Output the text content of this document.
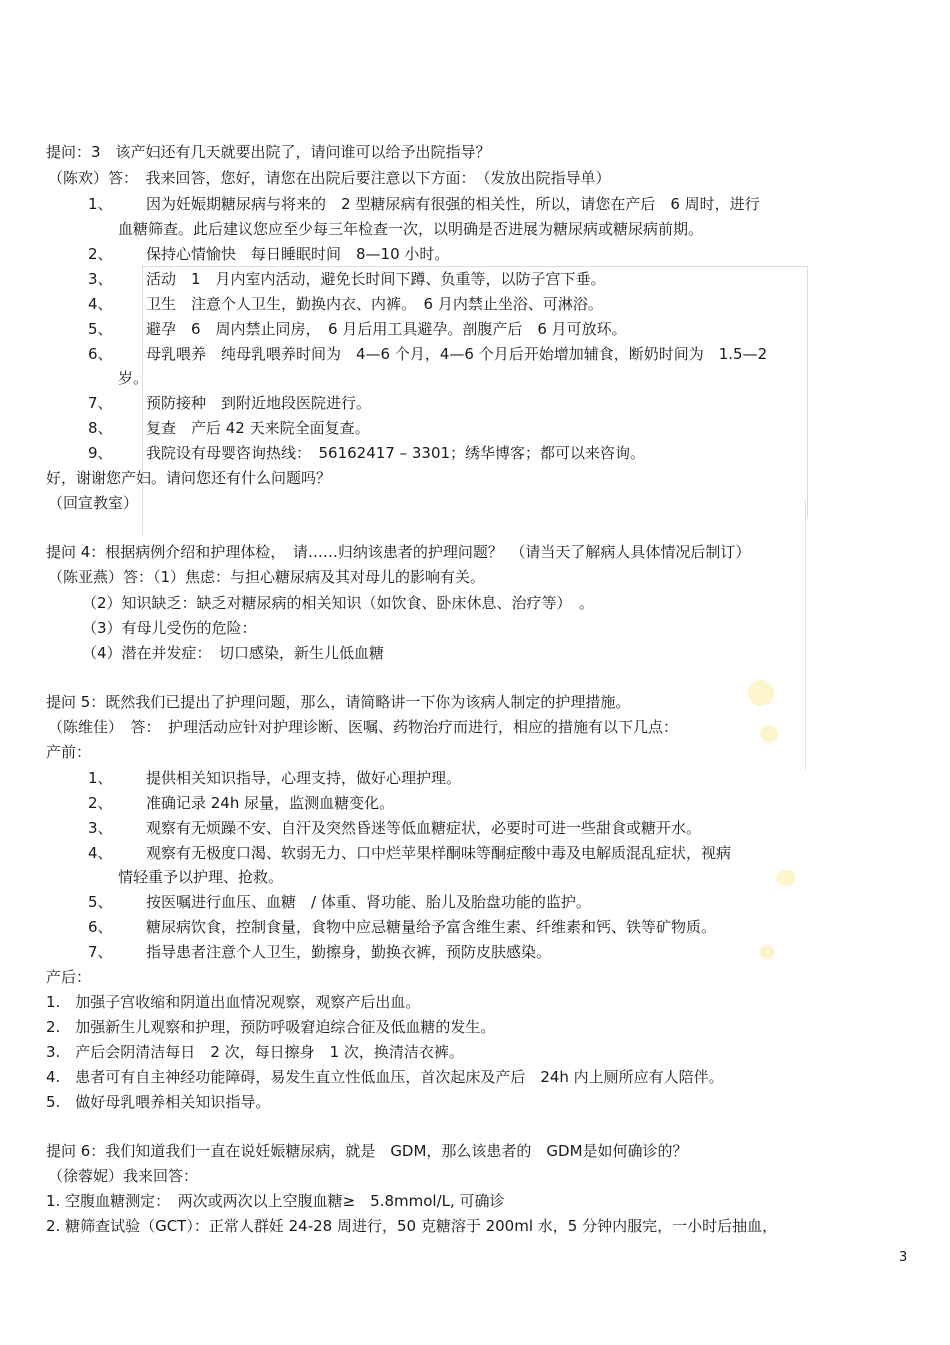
提问：3　该产妇还有几天就要出院了，请问谁可以给予出院指导？
（陈欢）答：　我来回答，您好，请您在出院后要注意以下方面：　（发放出院指导单）
1、 因为妊娠期糖尿病与将来的　2 型糖尿病有很强的相关性，所以，请您在产后　6 周时，进行
血糖筛查。此后建议您应至少每三年检查一次，以明确是否进展为糖尿病或糖尿病前期。
2、 保持心情愉快　每日睡眠时间　8—10 小时。
3、 活动　1　月内室内活动，避免长时间下蹲、负重等，以防子宫下垂。
4、 卫生　注意个人卫生，勤换内衣、内裤。　6 月内禁止坐浴、可淋浴。
5、 避孕　6　周内禁止同房，　6 月后用工具避孕。剖腹产后　6 月可放环。
6、 母乳喂养　纯母乳喂养时间为　4—6 个月，4—6 个月后开始增加辅食，断奶时间为　1.5—2
岁。
7、 预防接种　到附近地段医院进行。
8、 复查　产后 42 天来院全面复查。
9、 我院设有母婴咨询热线：　56162417 – 3301；绣华博客；都可以来咨询。
好，谢谢您产妇。请问您还有什么问题吗？
（回宣教室）
提问 4：根据病例介绍和护理体检，　请……归纳该患者的护理问题？　（请当天了解病人具体情况后制订）
（陈亚燕）答：（1）焦虑：与担心糖尿病及其对母儿的影响有关。
（2）知识缺乏：缺乏对糖尿病的相关知识（如饮食、卧床休息、治疗等）　。
（3）有母儿受伤的危险：
（4）潜在并发症：　切口感染，新生儿低血糖
提问 5：既然我们已提出了护理问题，那么，请简略讲一下你为该病人制定的护理措施。
（陈维佳）　答：　护理活动应针对护理诊断、医嘱、药物治疗而进行，相应的措施有以下几点：
产前：
1、 提供相关知识指导，心理支持，做好心理护理。
2、 准确记录 24h 尿量，监测血糖变化。
3、 观察有无烦躁不安、自汗及突然昏迷等低血糖症状，必要时可进一些甜食或糖开水。
4、 观察有无极度口渴、软弱无力、口中烂苹果样酮味等酮症酸中毒及电解质混乱症状，视病
情轻重予以护理、抢救。
5、 按医嘱进行血压、血糖　/ 体重、肾功能、胎儿及胎盘功能的监护。
6、 糖尿病饮食，控制食量，食物中应忌糖量给予富含维生素、纤维素和钙、铁等矿物质。
7、 指导患者注意个人卫生，勤擦身，勤换衣裤，预防皮肤感染。
产后：
1.　加强子宫收缩和阴道出血情况观察，观察产后出血。
2.　加强新生儿观察和护理，预防呼吸窘迫综合征及低血糖的发生。
3.　产后会阴清洁每日　2 次，每日擦身　1 次，换清洁衣裤。
4.　患者可有自主神经功能障碍，易发生直立性低血压，首次起床及产后　24h 内上厕所应有人陪伴。
5.　做好母乳喂养相关知识指导。
提问 6：我们知道我们一直在说妊娠糖尿病，就是　GDM，那么该患者的　GDM是如何确诊的？
（徐蓉妮）我来回答：
1. 空腹血糖测定：　两次或两次以上空腹血糖≥　5.8mmol/L, 可确诊
2. 糖筛查试验（GCT）：正常人群妊 24-28 周进行，50 克糖溶于 200ml 水，5 分钟内服完，一小时后抽血，
3
